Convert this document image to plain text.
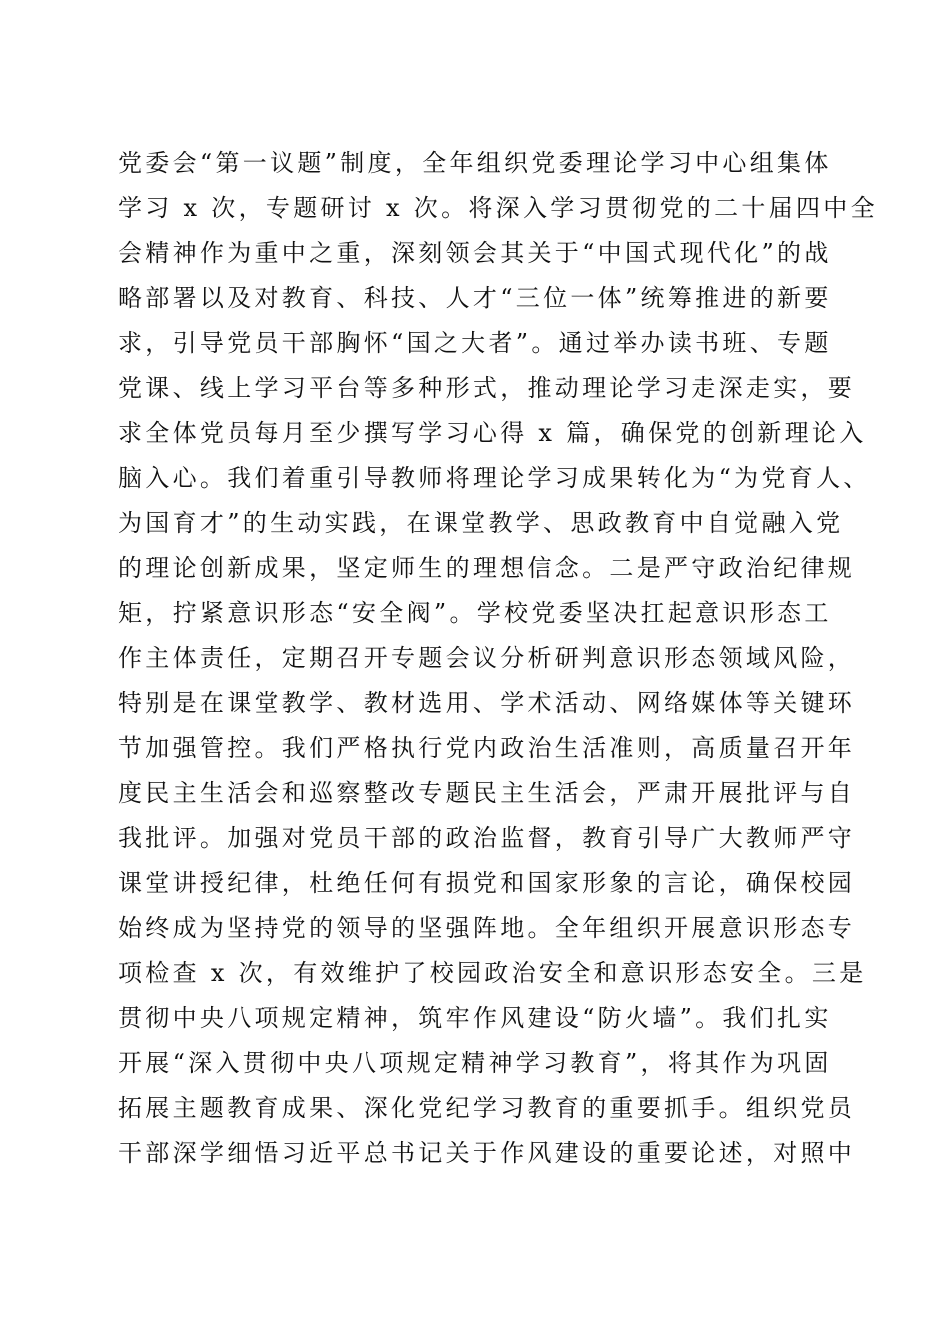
党委会“第一议题”制度，全年组织党委理论学习中心组集体
学习 x 次，专题研讨 x 次。将深入学习贯彻党的二十届四中全
会精神作为重中之重，深刻领会其关于“中国式现代化”的战
略部署以及对教育、科技、人才“三位一体”统筹推进的新要
求，引导党员干部胸怀“国之大者”。通过举办读书班、专题
党课、线上学习平台等多种形式，推动理论学习走深走实，要
求全体党员每月至少撰写学习心得 x 篇，确保党的创新理论入
脑入心。我们着重引导教师将理论学习成果转化为“为党育人、
为国育才”的生动实践，在课堂教学、思政教育中自觉融入党
的理论创新成果，坚定师生的理想信念。二是严守政治纪律规
矩，拧紧意识形态“安全阀”。学校党委坚决扛起意识形态工
作主体责任，定期召开专题会议分析研判意识形态领域风险，
特别是在课堂教学、教材选用、学术活动、网络媒体等关键环
节加强管控。我们严格执行党内政治生活准则，高质量召开年
度民主生活会和巡察整改专题民主生活会，严肃开展批评与自
我批评。加强对党员干部的政治监督，教育引导广大教师严守
课堂讲授纪律，杜绝任何有损党和国家形象的言论，确保校园
始终成为坚持党的领导的坚强阵地。全年组织开展意识形态专
项检查 x 次，有效维护了校园政治安全和意识形态安全。三是
贯彻中央八项规定精神，筑牢作风建设“防火墙”。我们扎实
开展“深入贯彻中央八项规定精神学习教育”，将其作为巩固
拓展主题教育成果、深化党纪学习教育的重要抓手。组织党员
干部深学细悟习近平总书记关于作风建设的重要论述，对照中
